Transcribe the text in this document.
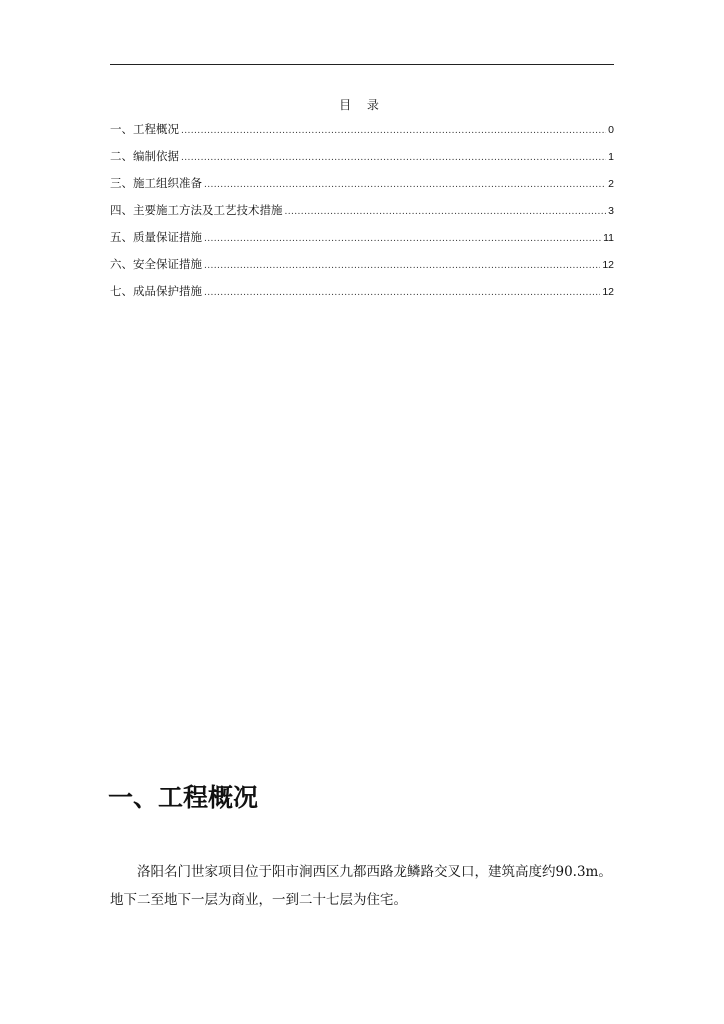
目 录
一、工程概况 .....	0
二、编制依据 .....	1
三、施工组织准备 .....	2
四、主要施工方法及工艺技术措施 .....	3
五、质量保证措施 .....	11
六、安全保证措施 .....	12
七、成品保护措施 .....	12
一、工程概况

洛阳名门世家项目位于阳市涧西区九都西路龙鳞路交叉口，建筑高度约90.3m。地下二至地下一层为商业，一到二十七层为住宅。
